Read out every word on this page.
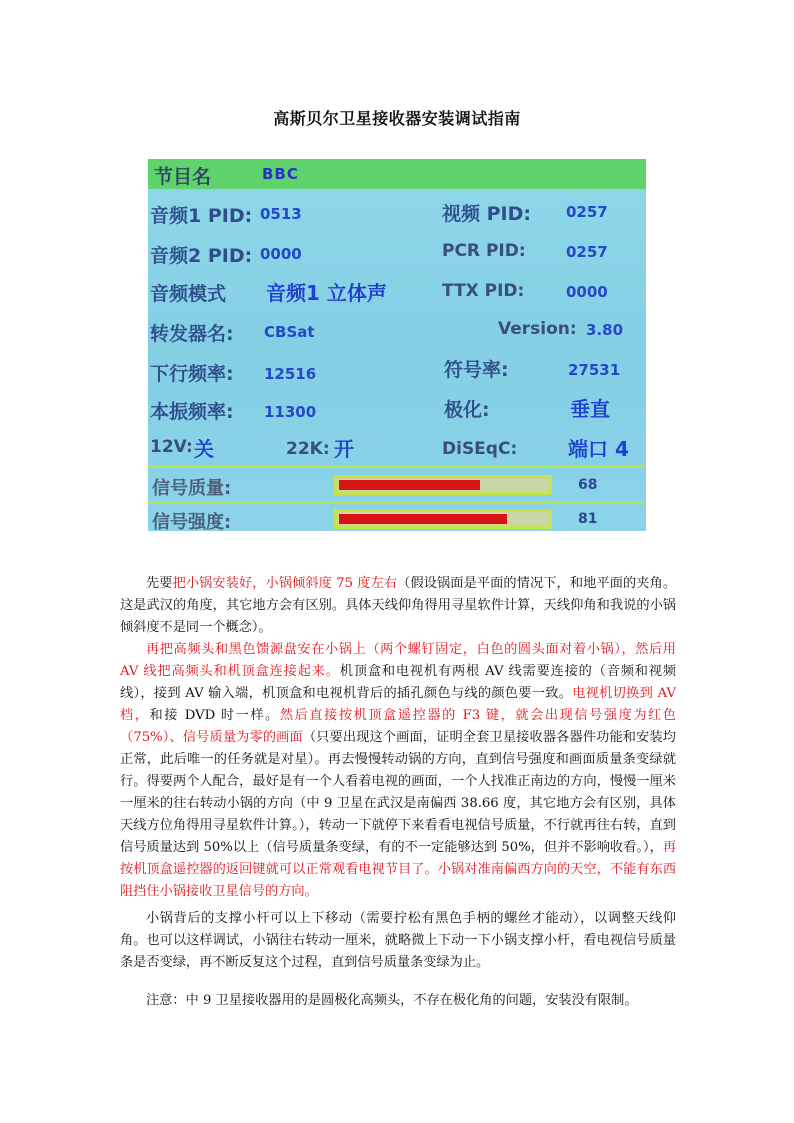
高斯贝尔卫星接收器安装调试指南
节目名	BBC
音频1 PID: 0513	视频 PID: 0257
音频2 PID: 0000	PCR PID:	0257
音频模式 音频1 立体声	TTX PID:	0000
转发器名: CBSat	Version: 3.80
下行频率: 12516	符号率:	27531
本振频率: 11300	极化:	垂直
12V: 关	22K: 开	DiSEqC:	端口 4
信号质量:	68
信号强度:	81
先要把小锅安装好，小锅倾斜度 75 度左右（假设锅面是平面的情况下，和地平面的夹角。这是武汉的角度，其它地方会有区别。具体天线仰角得用寻星软件计算，天线仰角和我说的小锅倾斜度不是同一个概念）。
再把高频头和黑色馈源盘安在小锅上（两个螺钉固定，白色的圆头面对着小锅），然后用 AV 线把高频头和机顶盒连接起来。机顶盒和电视机有两根 AV 线需要连接的（音频和视频线），接到 AV 输入端，机顶盒和电视机背后的插孔颜色与线的颜色要一致。电视机切换到 AV 档，和接 DVD 时一样。然后直接按机顶盒遥控器的 F3 键，就会出现信号强度为红色（75%）、信号质量为零的画面（只要出现这个画面，证明全套卫星接收器各器件功能和安装均正常，此后唯一的任务就是对星）。再去慢慢转动锅的方向，直到信号强度和画面质量条变绿就行。得要两个人配合，最好是有一个人看着电视的画面，一个人找准正南边的方向，慢慢一厘米一厘米的往右转动小锅的方向（中 9 卫星在武汉是南偏西 38.66 度，其它地方会有区别，具体天线方位角得用寻星软件计算。），转动一下就停下来看看电视信号质量，不行就再往右转，直到信号质量达到 50%以上（信号质量条变绿，有的不一定能够达到 50%，但并不影响收看。），再按机顶盒遥控器的返回键就可以正常观看电视节目了。小锅对准南偏西方向的天空，不能有东西阻挡住小锅接收卫星信号的方向。
小锅背后的支撑小杆可以上下移动（需要拧松有黑色手柄的螺丝才能动），以调整天线仰角。也可以这样调试，小锅往右转动一厘米，就略微上下动一下小锅支撑小杆，看电视信号质量条是否变绿，再不断反复这个过程，直到信号质量条变绿为止。
注意：中 9 卫星接收器用的是圆极化高频头，不存在极化角的问题，安装没有限制。
